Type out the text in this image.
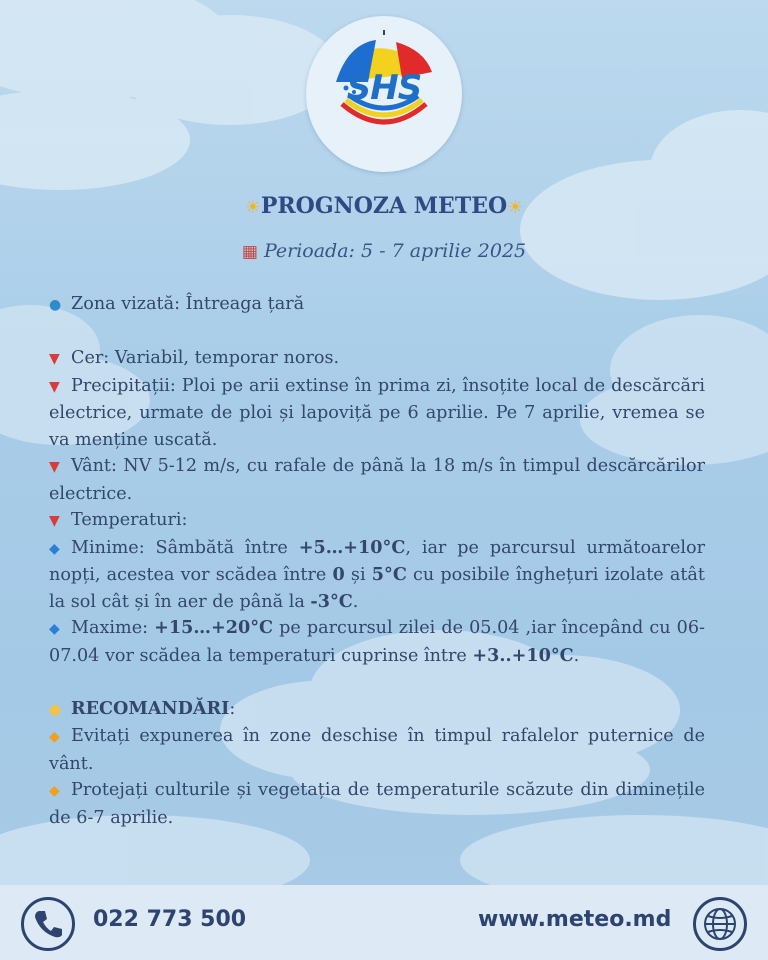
SHS
☀PROGNOZA METEO☀
▦ Perioada: 5 - 7 aprilie 2025

● Zona vizată: Întreaga țară

▼ Cer: Variabil, temporar noros.

▼ Precipitații: Ploi pe arii extinse în prima zi, însoțite local de descărcări electrice, urmate de ploi și lapoviță pe 6 aprilie. Pe 7 aprilie, vremea se va menține uscată.

▼ Vânt: NV 5-12 m/s, cu rafale de până la 18 m/s în timpul descărcărilor electrice.

▼ Temperaturi:

◆ Minime: Sâmbătă între +5…+10°C, iar pe parcursul următoarelor nopți, acestea vor scădea între 0 și 5°C cu posibile înghețuri izolate atât la sol cât și în aer de până la -3°C.

◆ Maxime: +15…+20°C pe parcursul zilei de 05.04 ,iar începând cu 06-07.04 vor scădea la temperaturi cuprinse între +3..+10°C.

● RECOMANDĂRI:

◆ Evitați expunerea în zone deschise în timpul rafalelor puternice de vânt.

◆ Protejați culturile și vegetația de temperaturile scăzute din diminețile de 6-7 aprilie.

022 773 500	www.meteo.md
